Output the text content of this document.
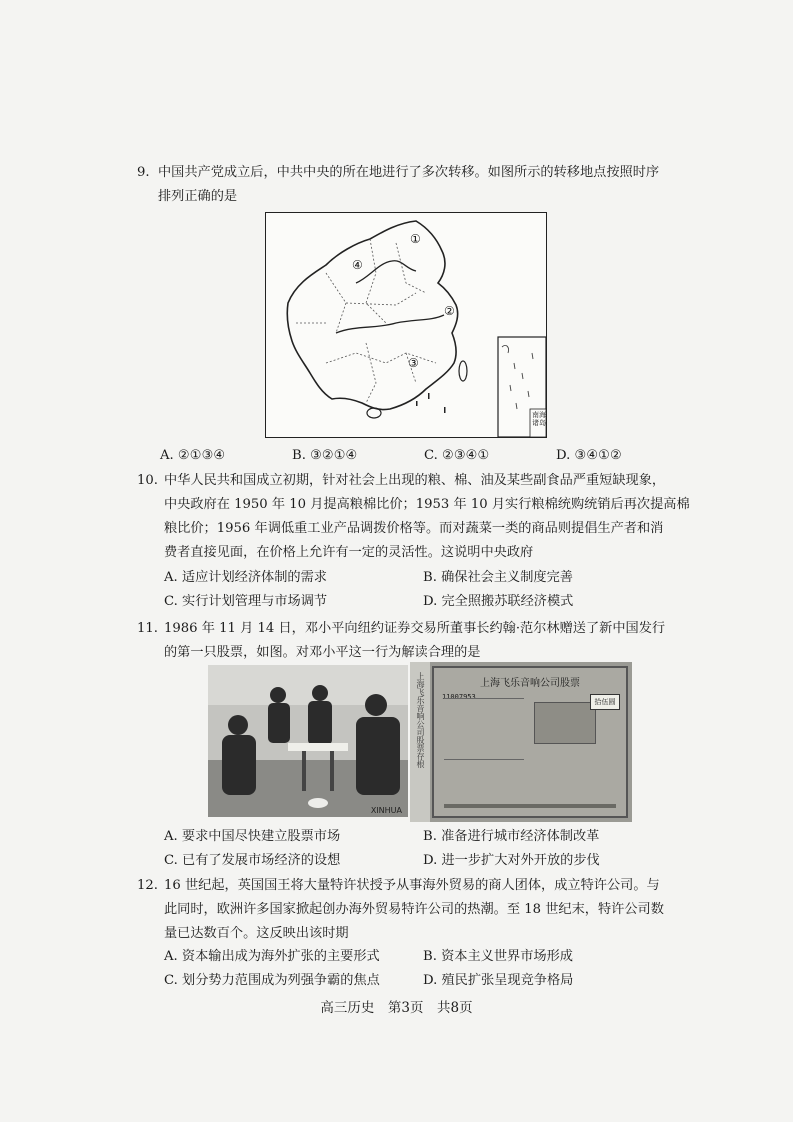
9. 中国共产党成立后，中共中央的所在地进行了多次转移。如图所示的转移地点按照时序
排列正确的是
①
②
③
④
南海诸岛
A. ②①③④	B. ③②①④	C. ②③④①	D. ③④①②
10. 中华人民共和国成立初期，针对社会上出现的粮、棉、油及某些副食品严重短缺现象，
中央政府在 1950 年 10 月提高粮棉比价；1953 年 10 月实行粮棉统购统销后再次提高棉
粮比价；1956 年调低重工业产品调拨价格等。而对蔬菜一类的商品则提倡生产者和消
费者直接见面，在价格上允许有一定的灵活性。这说明中央政府
A. 适应计划经济体制的需求	B. 确保社会主义制度完善
C. 实行计划管理与市场调节	D. 完全照搬苏联经济模式
11. 1986 年 11 月 14 日，邓小平向纽约证券交易所董事长约翰·范尔林赠送了新中国发行
的第一只股票，如图。对邓小平这一行为解读合理的是
XINHUA
上海飞乐音响公司股票存根	上海飞乐音响公司股票
11007953
拾伍圆
A. 要求中国尽快建立股票市场	B. 准备进行城市经济体制改革
C. 已有了发展市场经济的设想	D. 进一步扩大对外开放的步伐
12. 16 世纪起，英国国王将大量特许状授予从事海外贸易的商人团体，成立特许公司。与
此同时，欧洲许多国家掀起创办海外贸易特许公司的热潮。至 18 世纪末，特许公司数
量已达数百个。这反映出该时期
A. 资本输出成为海外扩张的主要形式	B. 资本主义世界市场形成
C. 划分势力范围成为列强争霸的焦点	D. 殖民扩张呈现竞争格局
高三历史　第3页　共8页
